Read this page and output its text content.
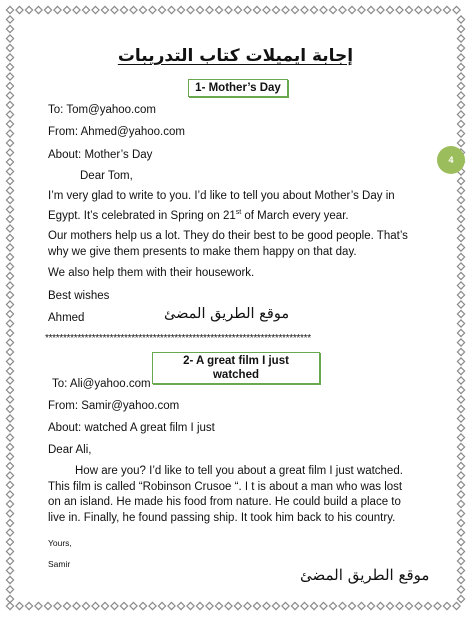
إجابة ايميلات كتاب التدريبات
1- Mother’s Day
To: Tom@yahoo.com
From: Ahmed@yahoo.com
About: Mother’s Day
Dear Tom,
I’m very glad to write to you. I’d like to tell you about Mother’s Day in Egypt. It’s celebrated in Spring on 21st of March every year.
Our mothers help us a lot. They do their best to be good people. That’s why we give them presents to make them happy on that day.
We also help them with their housework.
Best wishes
Ahmed	موقع الطريق المضئ
**************************************************************************
2- A great film I just watched
To: Ali@yahoo.com
From: Samir@yahoo.com
About: watched A great film I just
Dear Ali,
How are you? I’d like to tell you about a great film I just watched. This film is called “Robinson Crusoe “. I t is about a man who was lost on an island. He made his food from nature. He could build a place to live in. Finally, he found passing ship. It took him back to his country.
Yours,
Samir
موقع الطريق المضئ
4
